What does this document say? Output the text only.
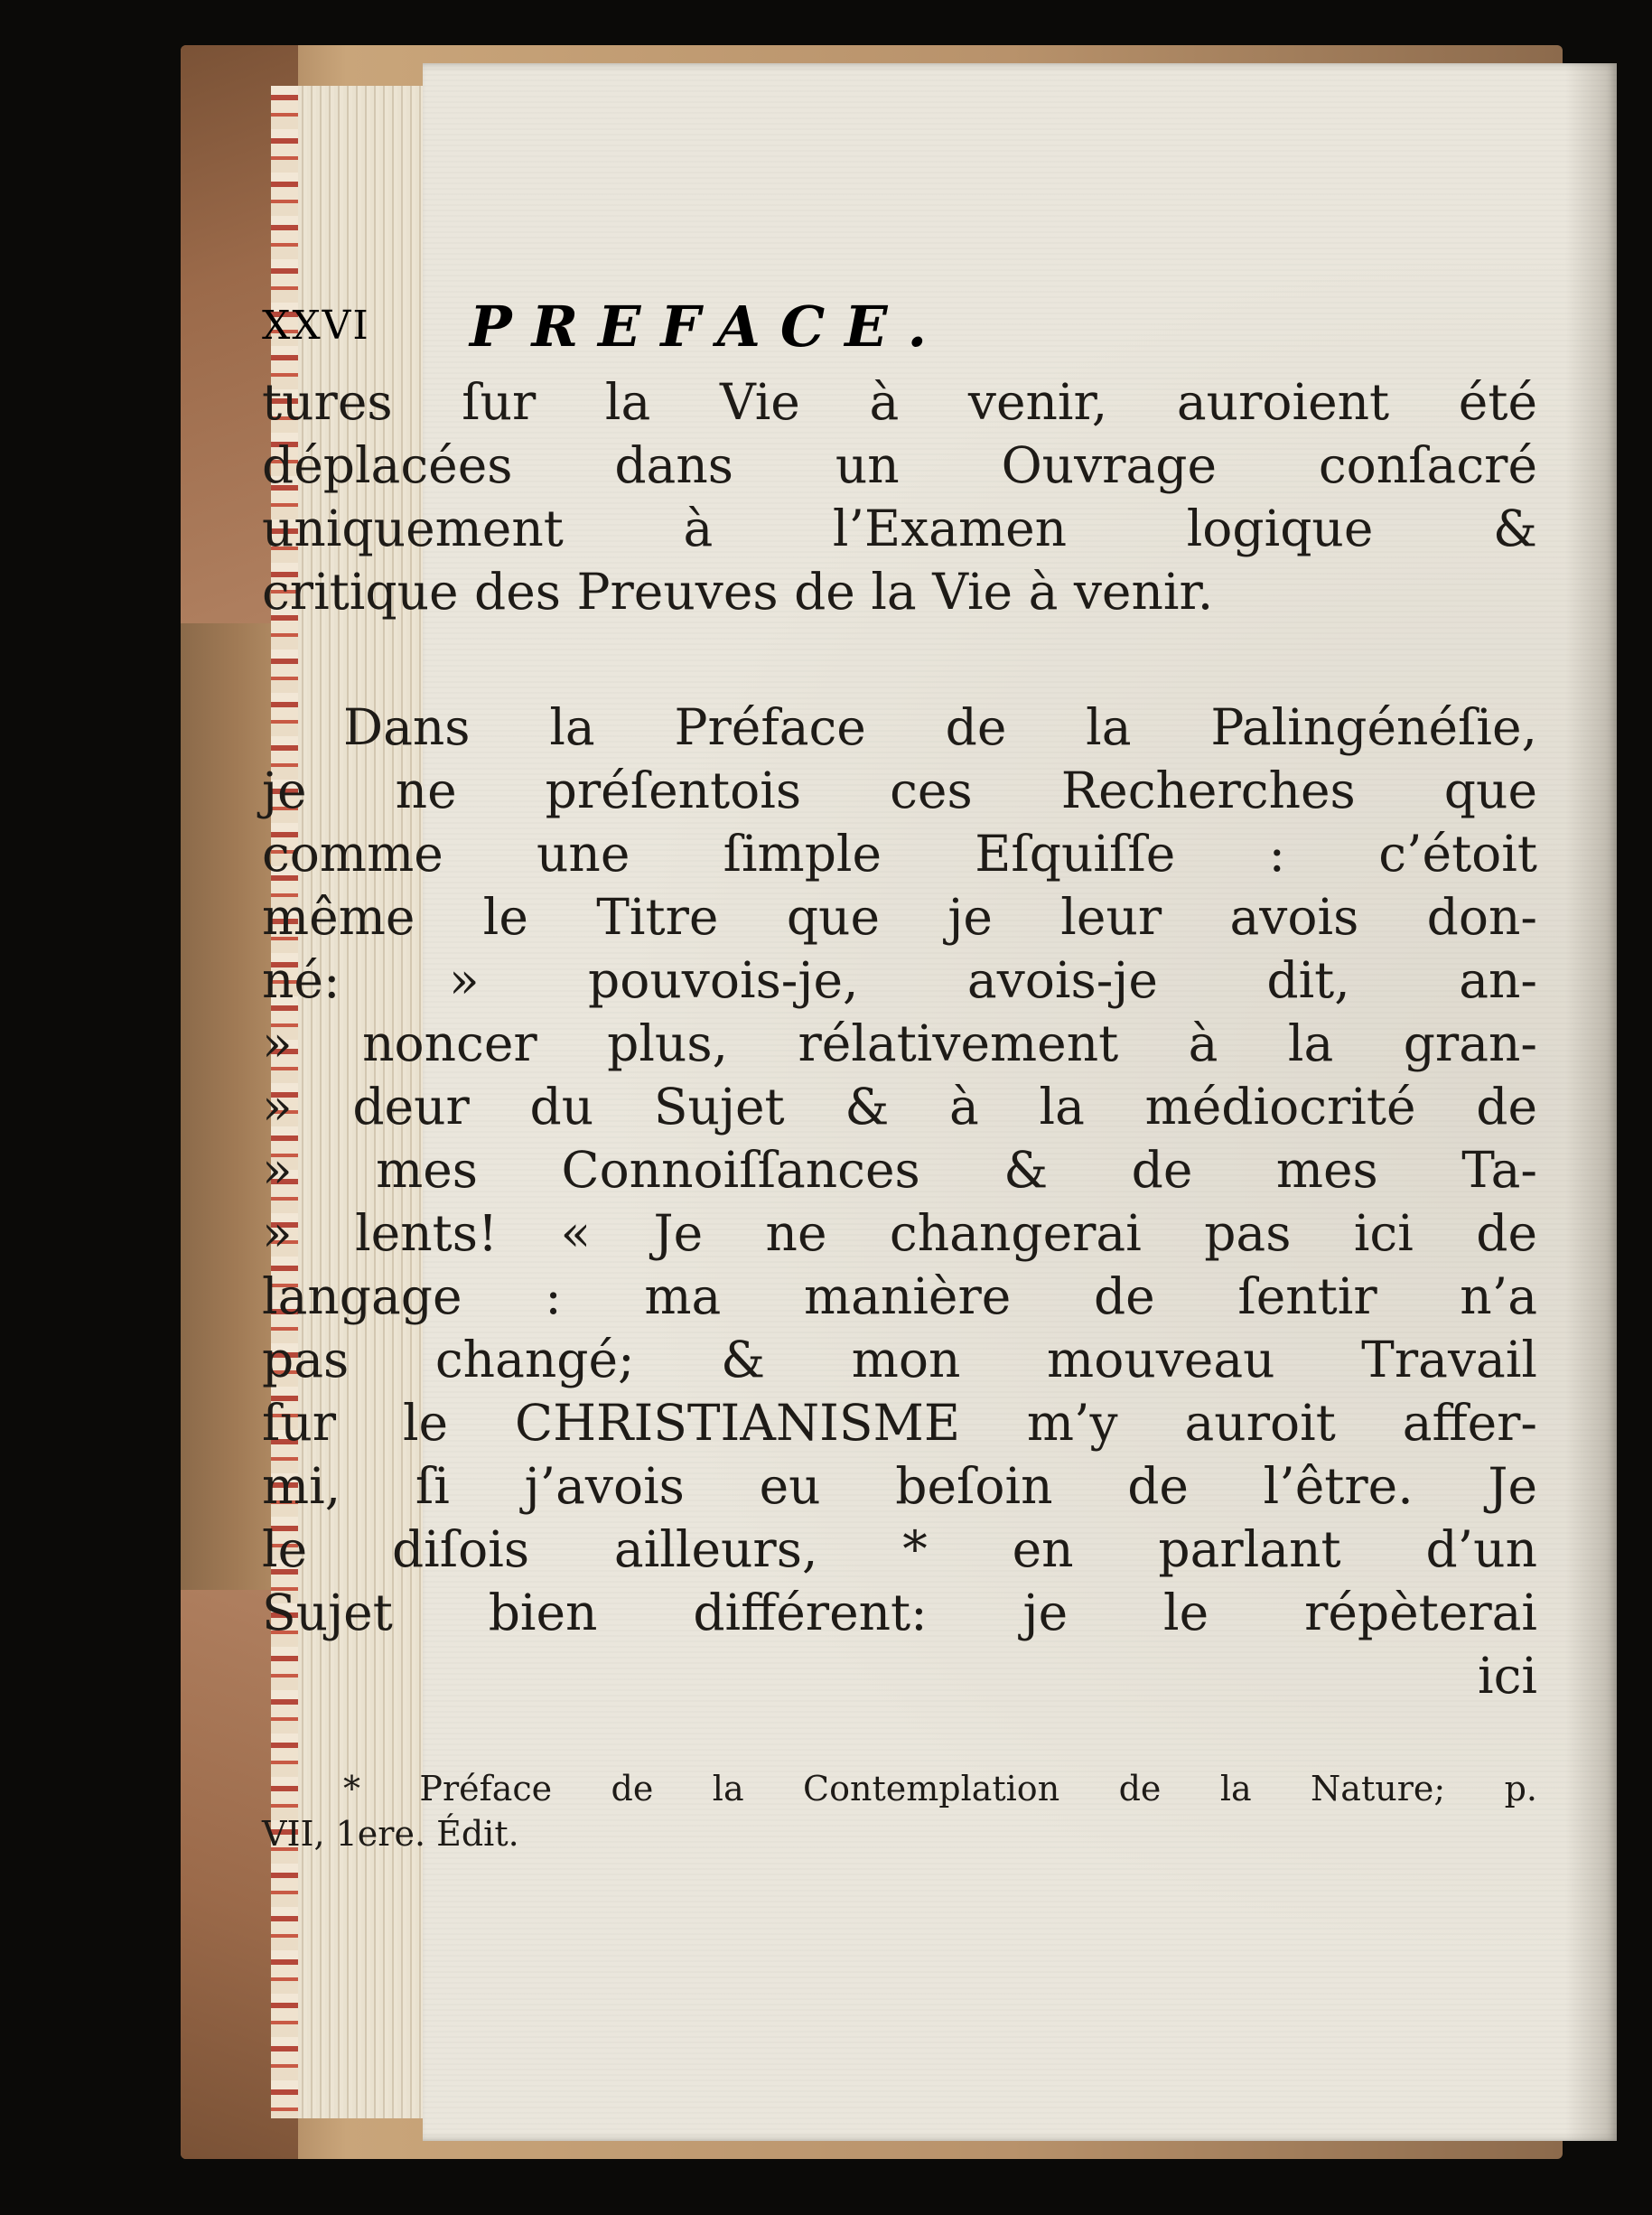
XXVI PREFACE.
tures ſur la Vie à venir, auroient été
déplacées dans un Ouvrage conſacré
uniquement à l’Examen logique &
critique des Preuves de la Vie à venir.
Dans la Préface de la Palingénéſie,
je ne préſentois ces Recherches que
comme une ſimple Eſquiſſe : c’étoit
même le Titre que je leur avois don-
né: » pouvois-je, avois-je dit, an-
» noncer plus, rélativement à la gran-
» deur du Sujet & à la médiocrité de
» mes Connoiſſances & de mes Ta-
» lents! « Je ne changerai pas ici de
langage : ma manière de ſentir n’a
pas changé; & mon mouveau Travail
ſur le CHRISTIANISME m’y auroit affer-
mi, ſi j’avois eu beſoin de l’être. Je
le diſois ailleurs, * en parlant d’un
Sujet bien différent: je le répèterai
ici
* Préface de la Contemplation de la Nature; p.
VII, 1ere. Édit.
